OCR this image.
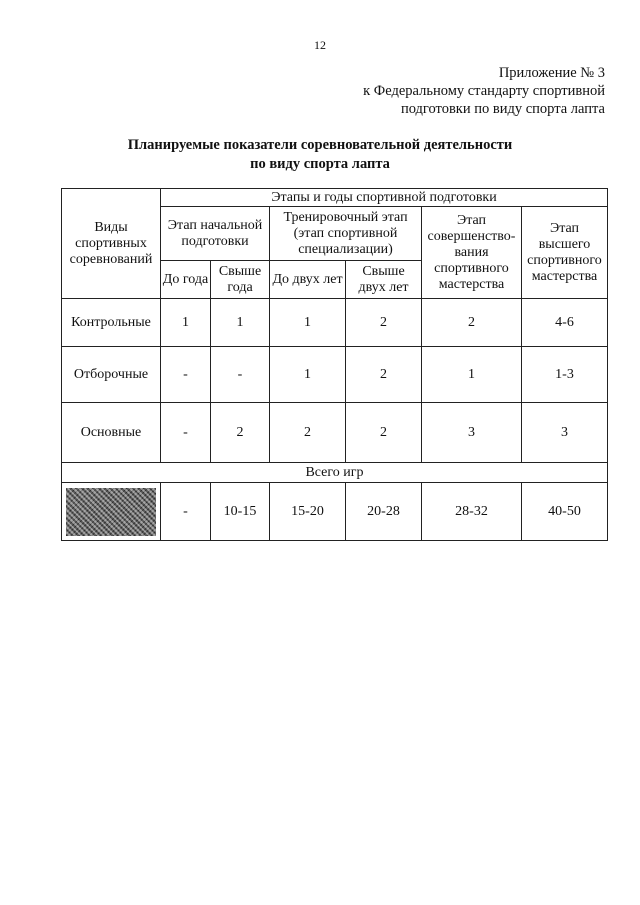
12
Приложение № 3
к Федеральному стандарту спортивной
подготовки по виду спорта лапта
Планируемые показатели соревновательной деятельности
по виду спорта лапта
Виды спортивных соревнований	Этапы и годы спортивной подготовки					
	Этап начальной подготовки		Тренировочный этап (этап спортивной специализации)		Этап совершенство-вания спортивного мастерства	Этап высшего спортивного мастерства
	До года	Свыше года	До двух лет	Свыше двух лет		
Контрольные	1	1	1	2	2	4-6
Отборочные	-	-	1	2	1	1-3
Основные	-	2	2	2	3	3
Всего игр						
	-	10-15	15-20	20-28	28-32	40-50
